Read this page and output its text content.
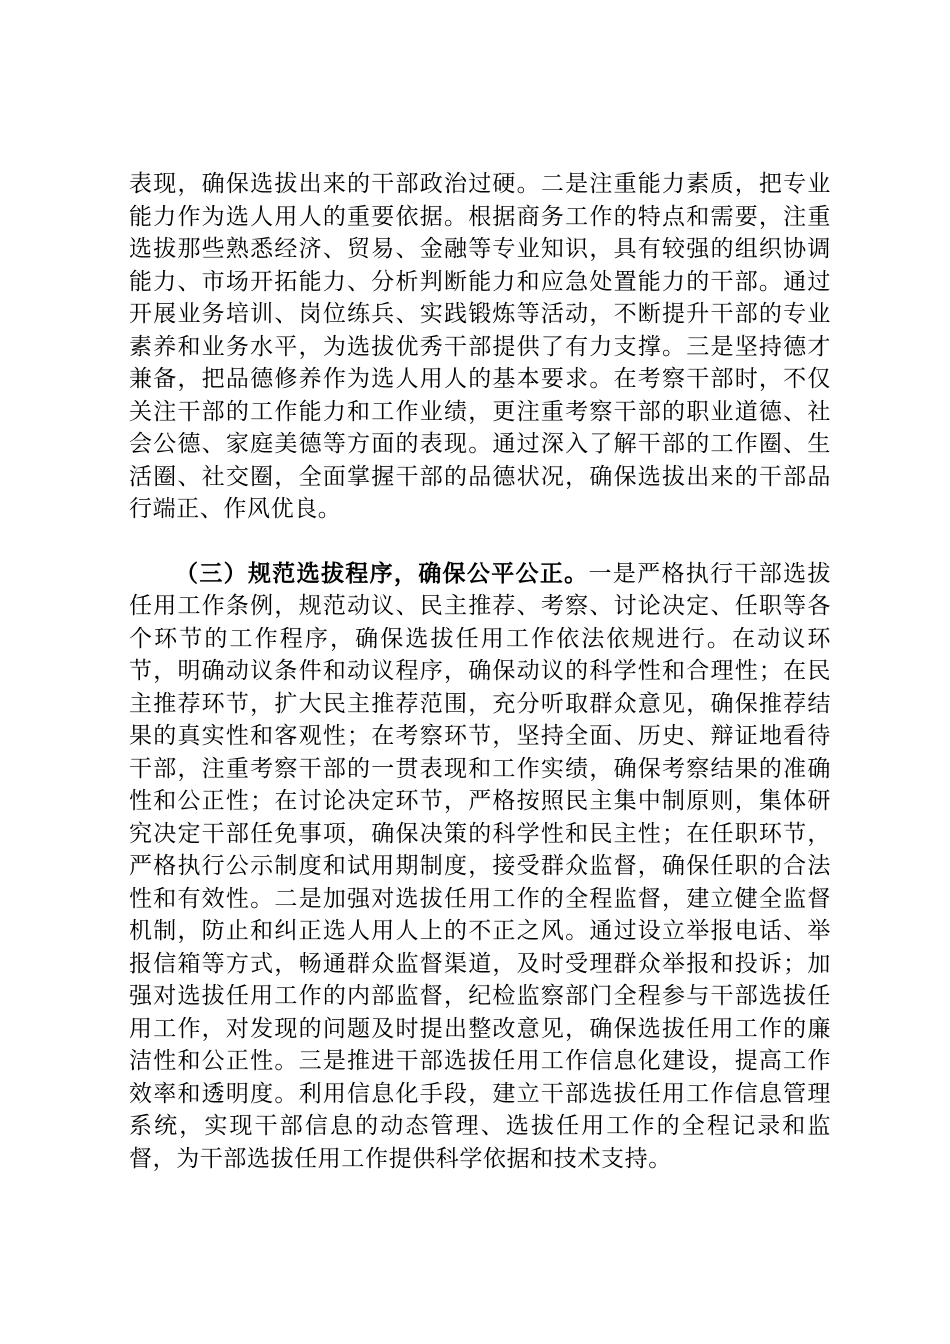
表现，确保选拔出来的干部政治过硬。二是注重能力素质，把专业能力作为选人用人的重要依据。根据商务工作的特点和需要，注重选拔那些熟悉经济、贸易、金融等专业知识，具有较强的组织协调能力、市场开拓能力、分析判断能力和应急处置能力的干部。通过开展业务培训、岗位练兵、实践锻炼等活动，不断提升干部的专业素养和业务水平，为选拔优秀干部提供了有力支撑。三是坚持德才兼备，把品德修养作为选人用人的基本要求。在考察干部时，不仅关注干部的工作能力和工作业绩，更注重考察干部的职业道德、社会公德、家庭美德等方面的表现。通过深入了解干部的工作圈、生活圈、社交圈，全面掌握干部的品德状况，确保选拔出来的干部品行端正、作风优良。

（三）规范选拔程序，确保公平公正。一是严格执行干部选拔任用工作条例，规范动议、民主推荐、考察、讨论决定、任职等各个环节的工作程序，确保选拔任用工作依法依规进行。在动议环节，明确动议条件和动议程序，确保动议的科学性和合理性；在民主推荐环节，扩大民主推荐范围，充分听取群众意见，确保推荐结果的真实性和客观性；在考察环节，坚持全面、历史、辩证地看待干部，注重考察干部的一贯表现和工作实绩，确保考察结果的准确性和公正性；在讨论决定环节，严格按照民主集中制原则，集体研究决定干部任免事项，确保决策的科学性和民主性；在任职环节，严格执行公示制度和试用期制度，接受群众监督，确保任职的合法性和有效性。二是加强对选拔任用工作的全程监督，建立健全监督机制，防止和纠正选人用人上的不正之风。通过设立举报电话、举报信箱等方式，畅通群众监督渠道，及时受理群众举报和投诉；加强对选拔任用工作的内部监督，纪检监察部门全程参与干部选拔任用工作，对发现的问题及时提出整改意见，确保选拔任用工作的廉洁性和公正性。三是推进干部选拔任用工作信息化建设，提高工作效率和透明度。利用信息化手段，建立干部选拔任用工作信息管理系统，实现干部信息的动态管理、选拔任用工作的全程记录和监督，为干部选拔任用工作提供科学依据和技术支持。
